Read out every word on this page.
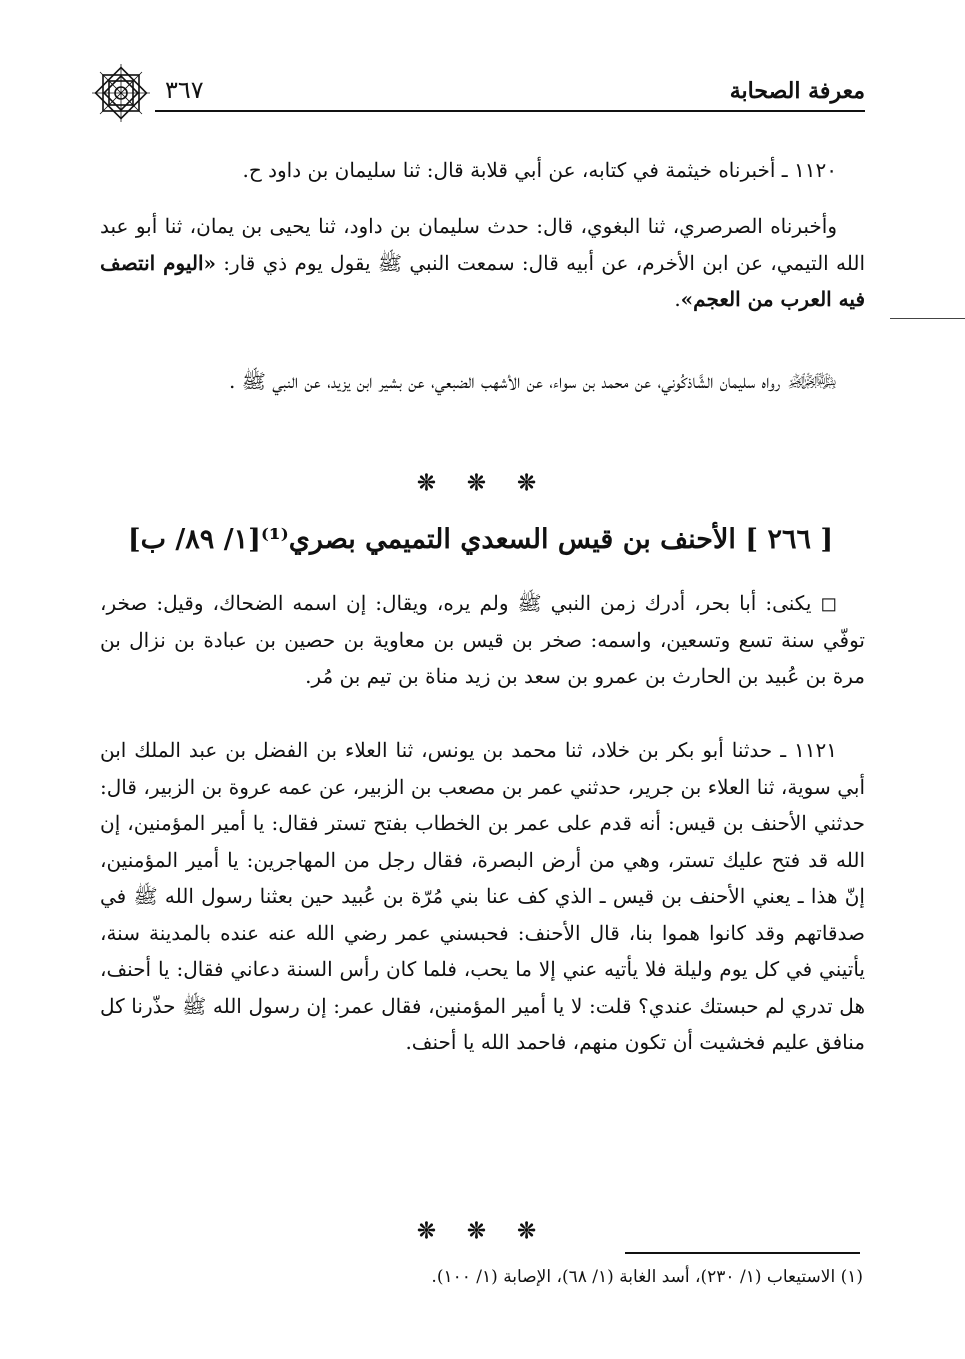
٣٦٧	معرفة الصحابة
١١٢٠ ـ أخبرناه خيثمة في كتابه، عن أبي قلابة قال: ثنا سليمان بن داود ح.
وأخبرناه الصرصري، ثنا البغوي، قال: حدث سليمان بن داود، ثنا يحيى بن يمان، ثنا أبو عبد الله التيمي، عن ابن الأخرم، عن أبيه قال: سمعت النبي ﷺ يقول يوم ذي قار: «اليوم انتصف فيه العرب من العجم».
﷽ رواه سليمان الشَّاذكُوني، عن محمد بن سواء، عن الأشهب الضبعي، عن بشير ابن يزيد، عن النبي ﷺ .
❊ ❊ ❊
[ ٢٦٦ ] الأحنف بن قيس السعدي التميمي بصري⁽¹⁾[١/ ٨٩/ ب]
◻ يكنى: أبا بحر، أدرك زمن النبي ﷺ ولم يره، ويقال: إن اسمه الضحاك، وقيل: صخر، توفّي سنة تسع وتسعين، واسمه: صخر بن قيس بن معاوية بن حصين بن عبادة بن نزال بن مرة بن عُبيد بن الحارث بن عمرو بن سعد بن زيد مناة بن تيم بن مُر.
١١٢١ ـ حدثنا أبو بكر بن خلاد، ثنا محمد بن يونس، ثنا العلاء بن الفضل بن عبد الملك ابن أبي سوية، ثنا العلاء بن جرير، حدثني عمر بن مصعب بن الزبير، عن عمه عروة بن الزبير، قال: حدثني الأحنف بن قيس: أنه قدم على عمر بن الخطاب بفتح تستر فقال: يا أمير المؤمنين، إن الله قد فتح عليك تستر، وهي من أرض البصرة، فقال رجل من المهاجرين: يا أمير المؤمنين، إنّ هذا ـ يعني الأحنف بن قيس ـ الذي كف عنا بني مُرّة بن عُبيد حين بعثنا رسول الله ﷺ في صدقاتهم وقد كانوا هموا بنا، قال الأحنف: فحبسني عمر رضي الله عنه عنده بالمدينة سنة، يأتيني في كل يوم وليلة فلا يأتيه عني إلا ما يحب، فلما كان رأس السنة دعاني فقال: يا أحنف، هل تدري لم حبستك عندي؟ قلت: لا يا أمير المؤمنين، فقال عمر: إن رسول الله ﷺ حذّرنا كل منافق عليم فخشيت أن تكون منهم، فاحمد الله يا أحنف.
❊ ❊ ❊
(١) الاستيعاب (١/ ٢٣٠)، أسد الغابة (١/ ٦٨)، الإصابة (١/ ١٠٠).
